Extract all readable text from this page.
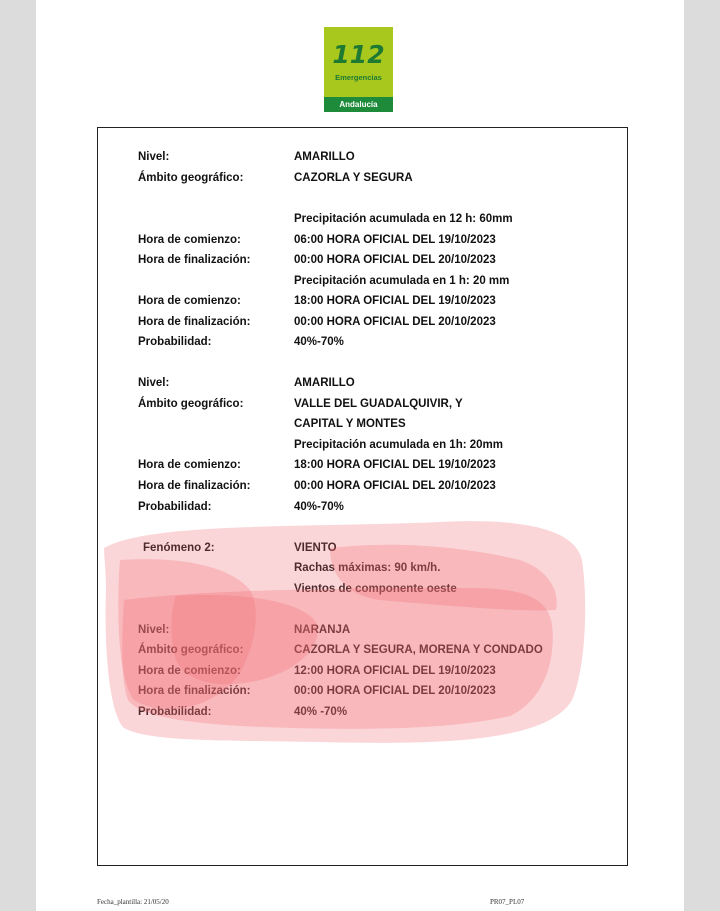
112
Emergencias
Andalucía
Nivel:	AMARILLO
Ámbito geográfico:	CAZORLA Y SEGURA
Precipitación acumulada en 12 h: 60mm
Hora de comienzo:	06:00 HORA OFICIAL DEL 19/10/2023
Hora de finalización:	00:00 HORA OFICIAL DEL 20/10/2023
Precipitación acumulada en 1 h: 20 mm
Hora de comienzo:	18:00 HORA OFICIAL DEL 19/10/2023
Hora de finalización:	00:00 HORA OFICIAL DEL 20/10/2023
Probabilidad:	40%-70%
Nivel:	AMARILLO
Ámbito geográfico:	VALLE DEL GUADALQUIVIR, Y
CAPITAL Y MONTES
Precipitación acumulada en 1h: 20mm
Hora de comienzo:	18:00 HORA OFICIAL DEL 19/10/2023
Hora de finalización:	00:00 HORA OFICIAL DEL 20/10/2023
Probabilidad:	40%-70%
Fenómeno 2:	VIENTO
Rachas máximas: 90 km/h.
Vientos de componente oeste
Nivel:	NARANJA
Ámbito geográfico:	CAZORLA Y SEGURA, MORENA Y CONDADO
Hora de comienzo:	12:00 HORA OFICIAL DEL 19/10/2023
Hora de finalización:	00:00 HORA OFICIAL DEL 20/10/2023
Probabilidad:	40% -70%
Fecha_plantilla: 21/05/20	PR07_PL07
